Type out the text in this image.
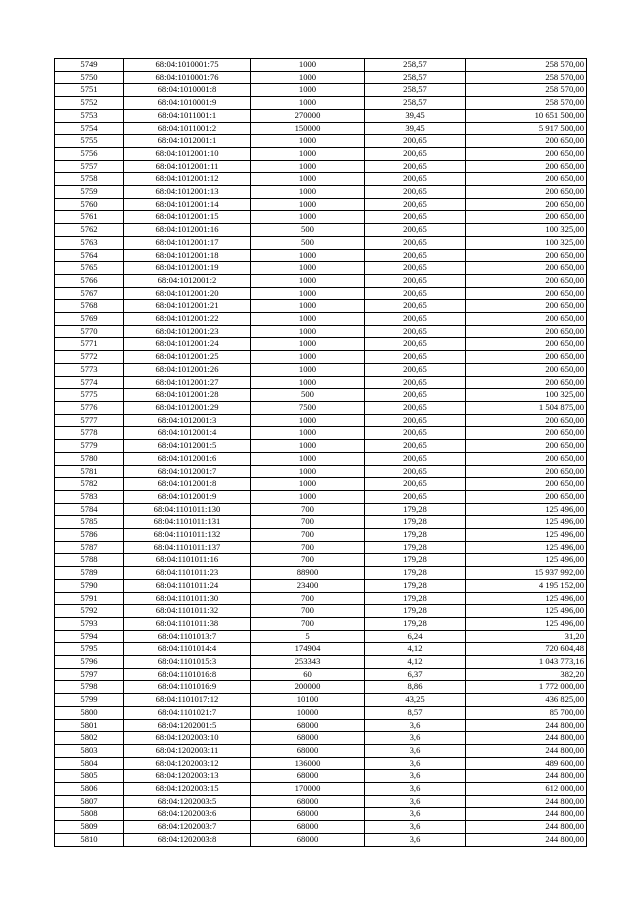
5749	68:04:1010001:75	1000	258,57	258 570,00
5750	68:04:1010001:76	1000	258,57	258 570,00
5751	68:04:1010001:8	1000	258,57	258 570,00
5752	68:04:1010001:9	1000	258,57	258 570,00
5753	68:04:1011001:1	270000	39,45	10 651 500,00
5754	68:04:1011001:2	150000	39,45	5 917 500,00
5755	68:04:1012001:1	1000	200,65	200 650,00
5756	68:04:1012001:10	1000	200,65	200 650,00
5757	68:04:1012001:11	1000	200,65	200 650,00
5758	68:04:1012001:12	1000	200,65	200 650,00
5759	68:04:1012001:13	1000	200,65	200 650,00
5760	68:04:1012001:14	1000	200,65	200 650,00
5761	68:04:1012001:15	1000	200,65	200 650,00
5762	68:04:1012001:16	500	200,65	100 325,00
5763	68:04:1012001:17	500	200,65	100 325,00
5764	68:04:1012001:18	1000	200,65	200 650,00
5765	68:04:1012001:19	1000	200,65	200 650,00
5766	68:04:1012001:2	1000	200,65	200 650,00
5767	68:04:1012001:20	1000	200,65	200 650,00
5768	68:04:1012001:21	1000	200,65	200 650,00
5769	68:04:1012001:22	1000	200,65	200 650,00
5770	68:04:1012001:23	1000	200,65	200 650,00
5771	68:04:1012001:24	1000	200,65	200 650,00
5772	68:04:1012001:25	1000	200,65	200 650,00
5773	68:04:1012001:26	1000	200,65	200 650,00
5774	68:04:1012001:27	1000	200,65	200 650,00
5775	68:04:1012001:28	500	200,65	100 325,00
5776	68:04:1012001:29	7500	200,65	1 504 875,00
5777	68:04:1012001:3	1000	200,65	200 650,00
5778	68:04:1012001:4	1000	200,65	200 650,00
5779	68:04:1012001:5	1000	200,65	200 650,00
5780	68:04:1012001:6	1000	200,65	200 650,00
5781	68:04:1012001:7	1000	200,65	200 650,00
5782	68:04:1012001:8	1000	200,65	200 650,00
5783	68:04:1012001:9	1000	200,65	200 650,00
5784	68:04:1101011:130	700	179,28	125 496,00
5785	68:04:1101011:131	700	179,28	125 496,00
5786	68:04:1101011:132	700	179,28	125 496,00
5787	68:04:1101011:137	700	179,28	125 496,00
5788	68:04:1101011:16	700	179,28	125 496,00
5789	68:04:1101011:23	88900	179,28	15 937 992,00
5790	68:04:1101011:24	23400	179,28	4 195 152,00
5791	68:04:1101011:30	700	179,28	125 496,00
5792	68:04:1101011:32	700	179,28	125 496,00
5793	68:04:1101011:38	700	179,28	125 496,00
5794	68:04:1101013:7	5	6,24	31,20
5795	68:04:1101014:4	174904	4,12	720 604,48
5796	68:04:1101015:3	253343	4,12	1 043 773,16
5797	68:04:1101016:8	60	6,37	382,20
5798	68:04:1101016:9	200000	8,86	1 772 000,00
5799	68:04:1101017:12	10100	43,25	436 825,00
5800	68:04:1101021:7	10000	8,57	85 700,00
5801	68:04:1202001:5	68000	3,6	244 800,00
5802	68:04:1202003:10	68000	3,6	244 800,00
5803	68:04:1202003:11	68000	3,6	244 800,00
5804	68:04:1202003:12	136000	3,6	489 600,00
5805	68:04:1202003:13	68000	3,6	244 800,00
5806	68:04:1202003:15	170000	3,6	612 000,00
5807	68:04:1202003:5	68000	3,6	244 800,00
5808	68:04:1202003:6	68000	3,6	244 800,00
5809	68:04:1202003:7	68000	3,6	244 800,00
5810	68:04:1202003:8	68000	3,6	244 800,00
